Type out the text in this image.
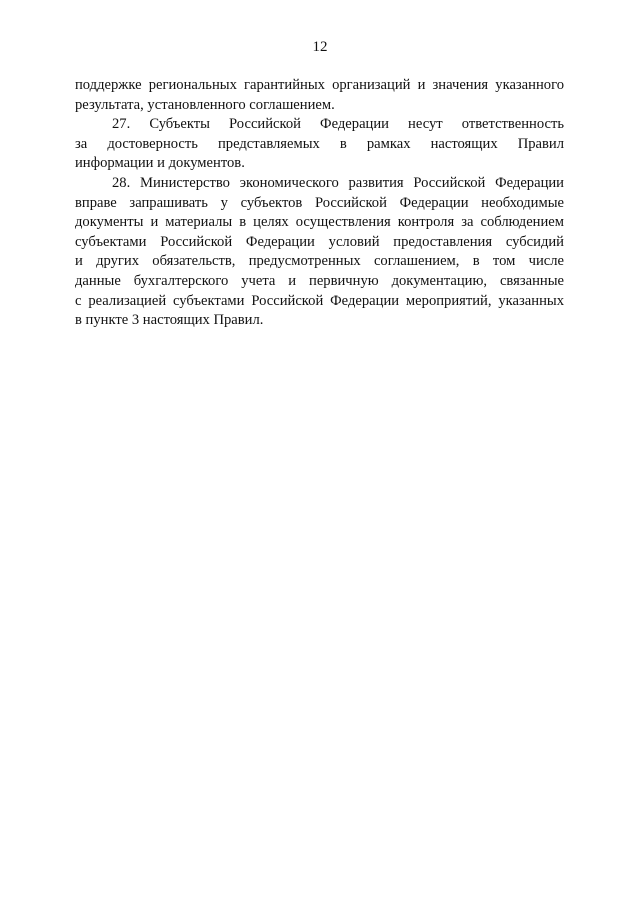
12
поддержке региональных гарантийных организаций и значения указанного
результата, установленного соглашением.
27. Субъекты Российской Федерации несут ответственность
за достоверность представляемых в рамках настоящих Правил
информации и документов.
28. Министерство экономического развития Российской Федерации
вправе запрашивать у субъектов Российской Федерации необходимые
документы и материалы в целях осуществления контроля за соблюдением
субъектами Российской Федерации условий предоставления субсидий
и других обязательств, предусмотренных соглашением, в том числе
данные бухгалтерского учета и первичную документацию, связанные
с реализацией субъектами Российской Федерации мероприятий, указанных
в пункте 3 настоящих Правил.
